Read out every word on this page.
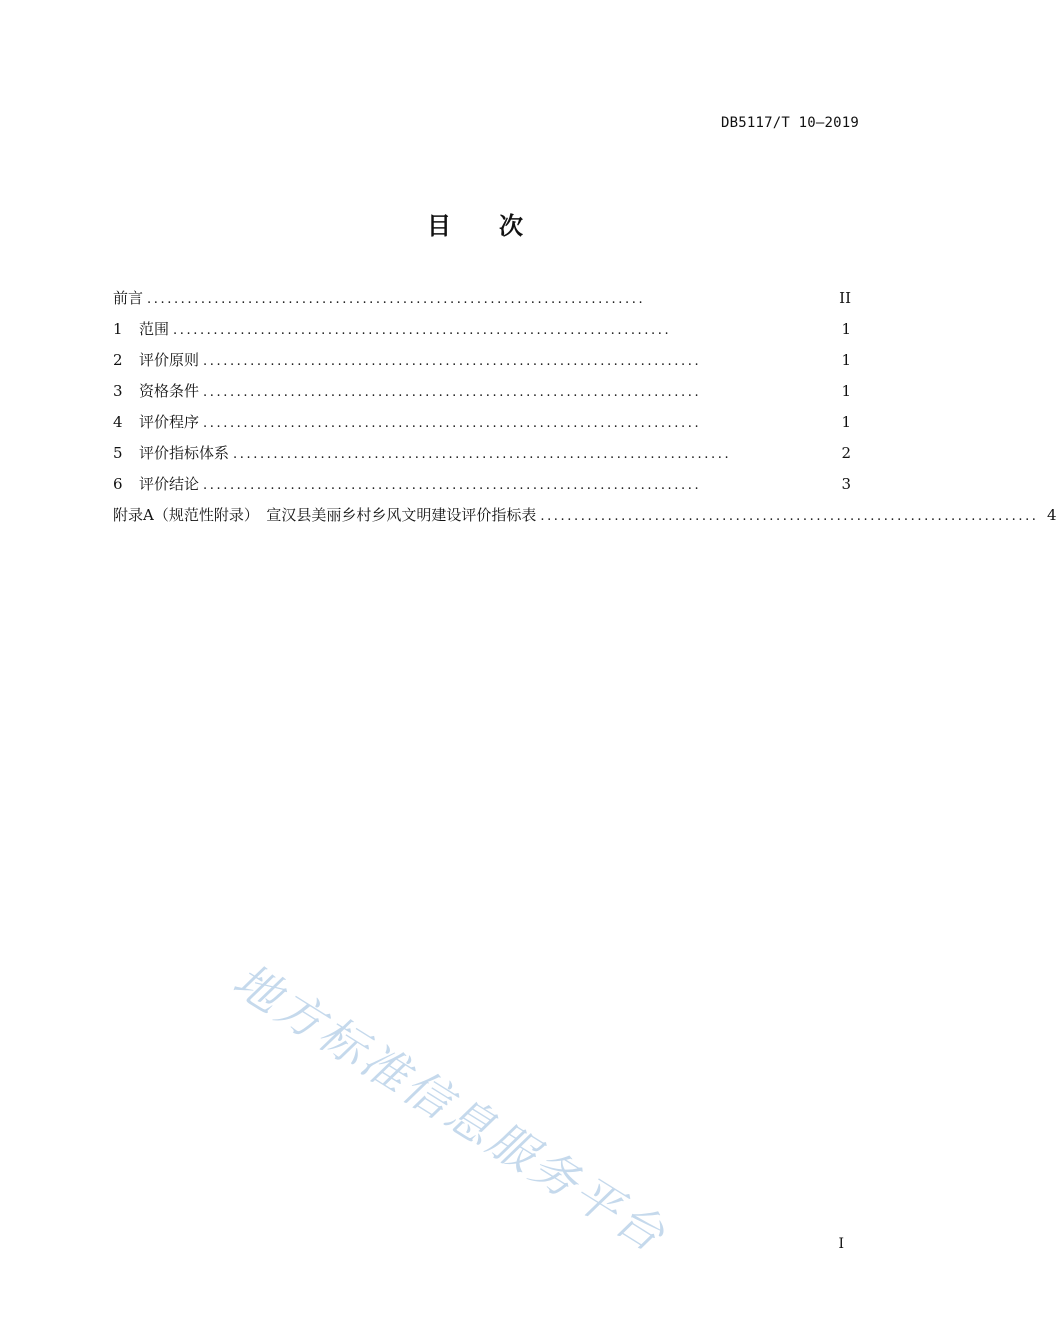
DB5117/T 10—2019
目　　次
前言 ..........................................................................	II
1	范围 ..........................................................................	1
2	评价原则 ..........................................................................	1
3	资格条件 ..........................................................................	1
4	评价程序 ..........................................................................	1
5	评价指标体系 ..........................................................................	2
6	评价结论 ..........................................................................	3
附录A（规范性附录）　宣汉县美丽乡村乡风文明建设评价指标表 .......................................................................... 4
地方标准信息服务平台	I
